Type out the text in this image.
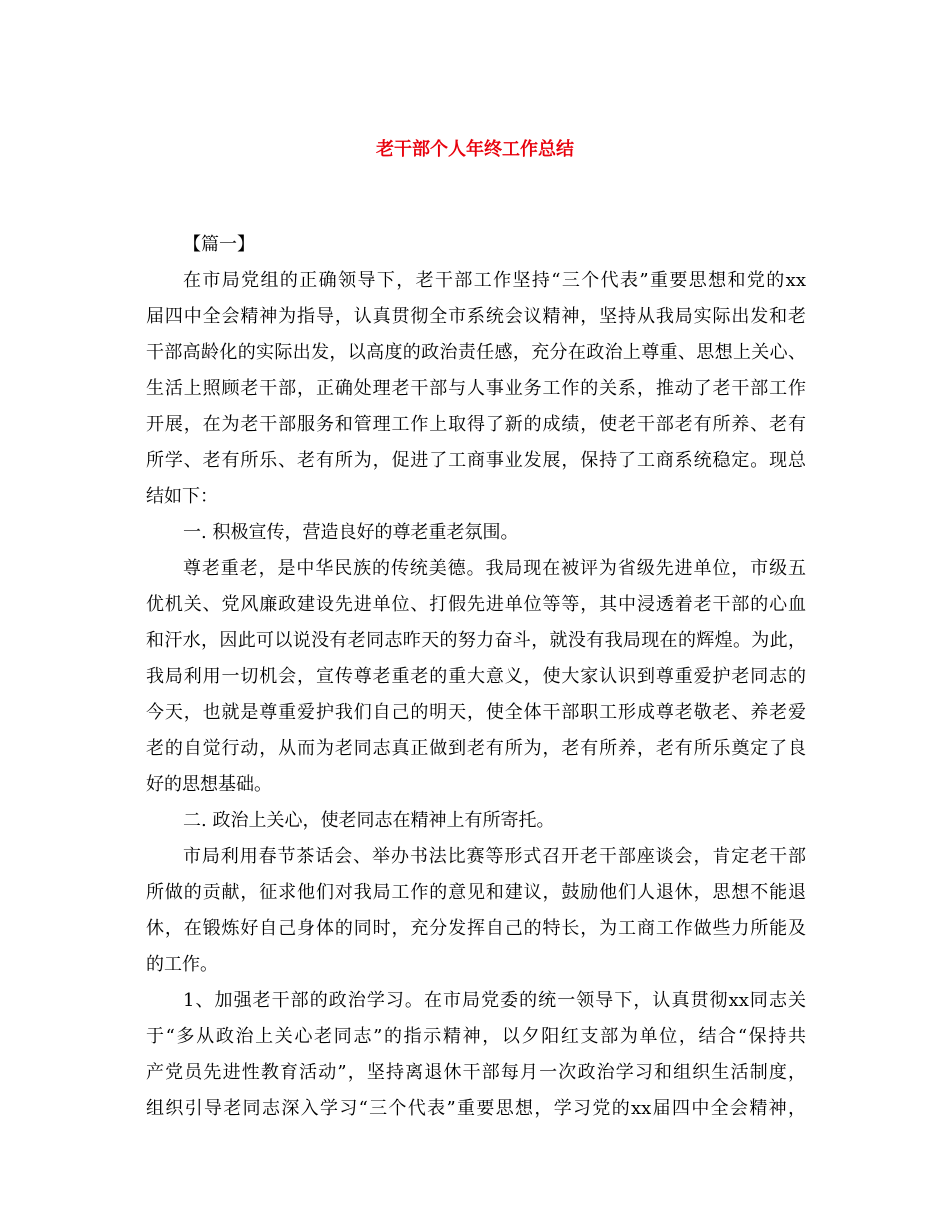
老干部个人年终工作总结
【篇一】
在市局党组的正确领导下，老干部工作坚持“三个代表”重要思想和党的xx
届四中全会精神为指导，认真贯彻全市系统会议精神，坚持从我局实际出发和老
干部高龄化的实际出发，以高度的政治责任感，充分在政治上尊重、思想上关心、
生活上照顾老干部，正确处理老干部与人事业务工作的关系，推动了老干部工作
开展，在为老干部服务和管理工作上取得了新的成绩，使老干部老有所养、老有
所学、老有所乐、老有所为，促进了工商事业发展，保持了工商系统稳定。现总
结如下：
一. 积极宣传，营造良好的尊老重老氛围。
尊老重老，是中华民族的传统美德。我局现在被评为省级先进单位，市级五
优机关、党风廉政建设先进单位、打假先进单位等等，其中浸透着老干部的心血
和汗水，因此可以说没有老同志昨天的努力奋斗，就没有我局现在的辉煌。为此，
我局利用一切机会，宣传尊老重老的重大意义，使大家认识到尊重爱护老同志的
今天，也就是尊重爱护我们自己的明天，使全体干部职工形成尊老敬老、养老爱
老的自觉行动，从而为老同志真正做到老有所为，老有所养，老有所乐奠定了良
好的思想基础。
二. 政治上关心，使老同志在精神上有所寄托。
市局利用春节茶话会、举办书法比赛等形式召开老干部座谈会，肯定老干部
所做的贡献，征求他们对我局工作的意见和建议，鼓励他们人退休，思想不能退
休，在锻炼好自己身体的同时，充分发挥自己的特长，为工商工作做些力所能及
的工作。
1、加强老干部的政治学习。在市局党委的统一领导下，认真贯彻xx同志关
于“多从政治上关心老同志”的指示精神，以夕阳红支部为单位，结合“保持共
产党员先进性教育活动”，坚持离退休干部每月一次政治学习和组织生活制度，
组织引导老同志深入学习“三个代表”重要思想，学习党的xx届四中全会精神，
